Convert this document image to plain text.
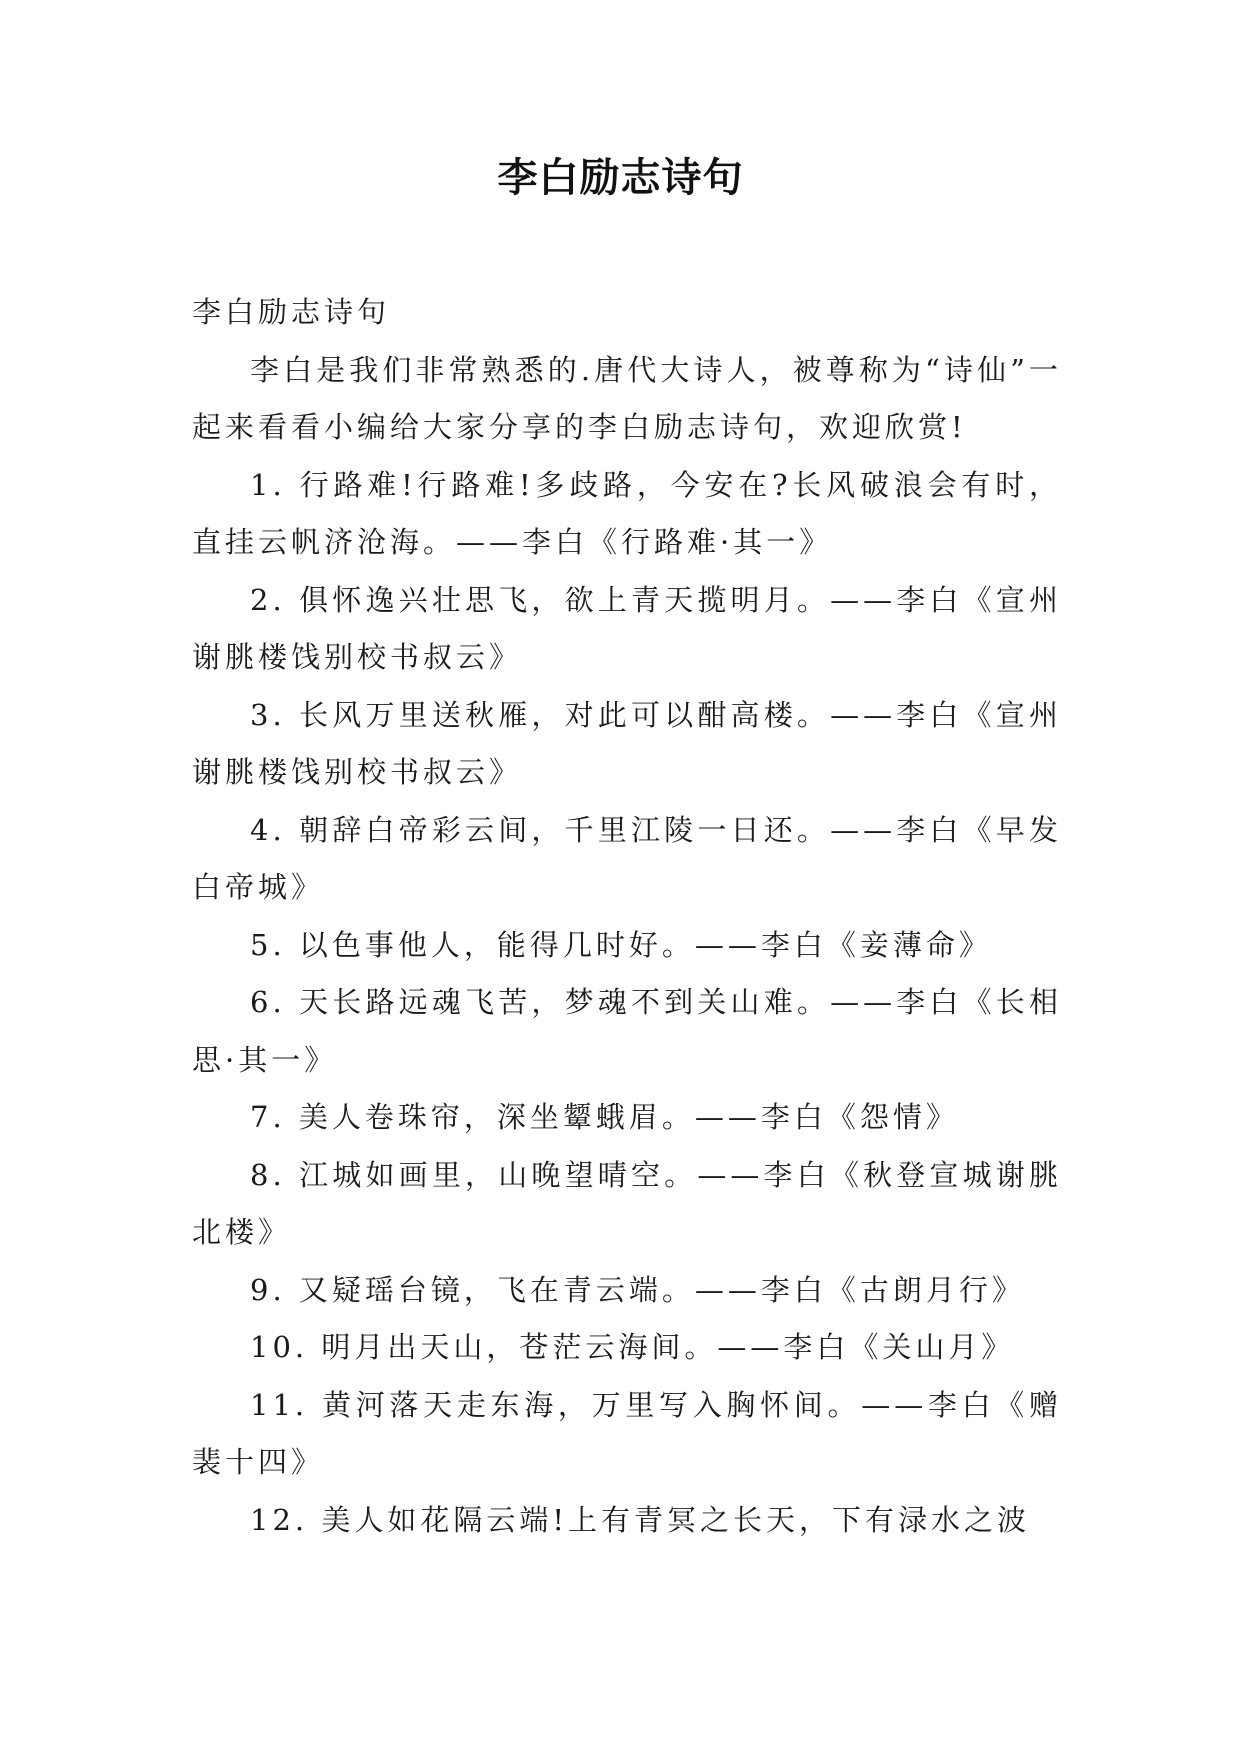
李白励志诗句

李白励志诗句

李白是我们非常熟悉的.唐代大诗人，被尊称为“诗仙”一起来看看小编给大家分享的李白励志诗句，欢迎欣赏!

1. 行路难!行路难!多歧路，今安在?长风破浪会有时，直挂云帆济沧海。——李白《行路难·其一》

2. 俱怀逸兴壮思飞，欲上青天揽明月。——李白《宣州谢朓楼饯别校书叔云》

3. 长风万里送秋雁，对此可以酣高楼。——李白《宣州谢朓楼饯别校书叔云》

4. 朝辞白帝彩云间，千里江陵一日还。——李白《早发白帝城》

5. 以色事他人，能得几时好。——李白《妾薄命》

6. 天长路远魂飞苦，梦魂不到关山难。——李白《长相思·其一》

7. 美人卷珠帘，深坐颦蛾眉。——李白《怨情》

8. 江城如画里，山晚望晴空。——李白《秋登宣城谢朓北楼》

9. 又疑瑶台镜，飞在青云端。——李白《古朗月行》

10. 明月出天山，苍茫云海间。——李白《关山月》

11. 黄河落天走东海，万里写入胸怀间。——李白《赠裴十四》

12. 美人如花隔云端!上有青冥之长天，下有渌水之波
